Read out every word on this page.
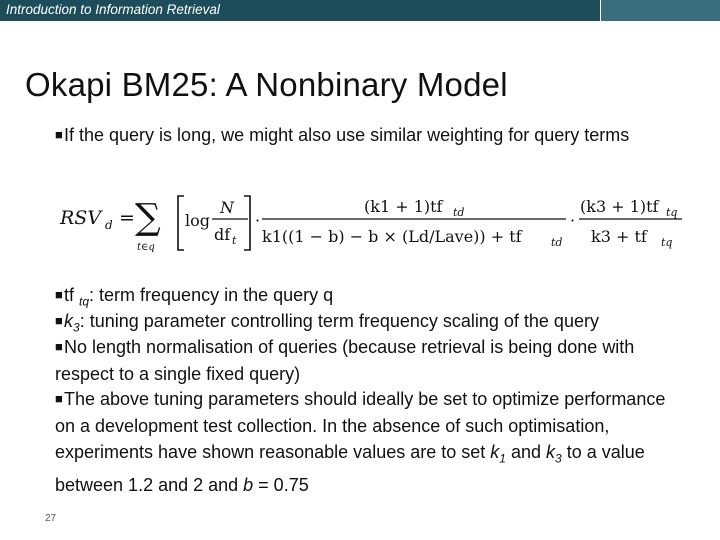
Introduction to Information Retrieval
Okapi BM25: A Nonbinary Model
■If the query is long, we might also use similar weighting for query terms
RSV d = ∑
t∈q
log
N
df t
·
(k1 + 1)tf td
k1((1 − b) − b × (Ld/Lave)) + tf	td
·
(k3 + 1)tf tq
k3 + tf tq
■tf $_{tq}$: term frequency in the query q
$■k_3$: tuning parameter controlling term frequency scaling of the query
■No length normalisation of queries (because retrieval is being done with respect to a single fixed query)
■The above tuning parameters should ideally be set to optimize performance on a development test collection. In the absence of such optimisation, experiments have shown reasonable values are to set $k_1$ and $k_3$ to a value between 1.2 and 2 and b = 0.75
27
